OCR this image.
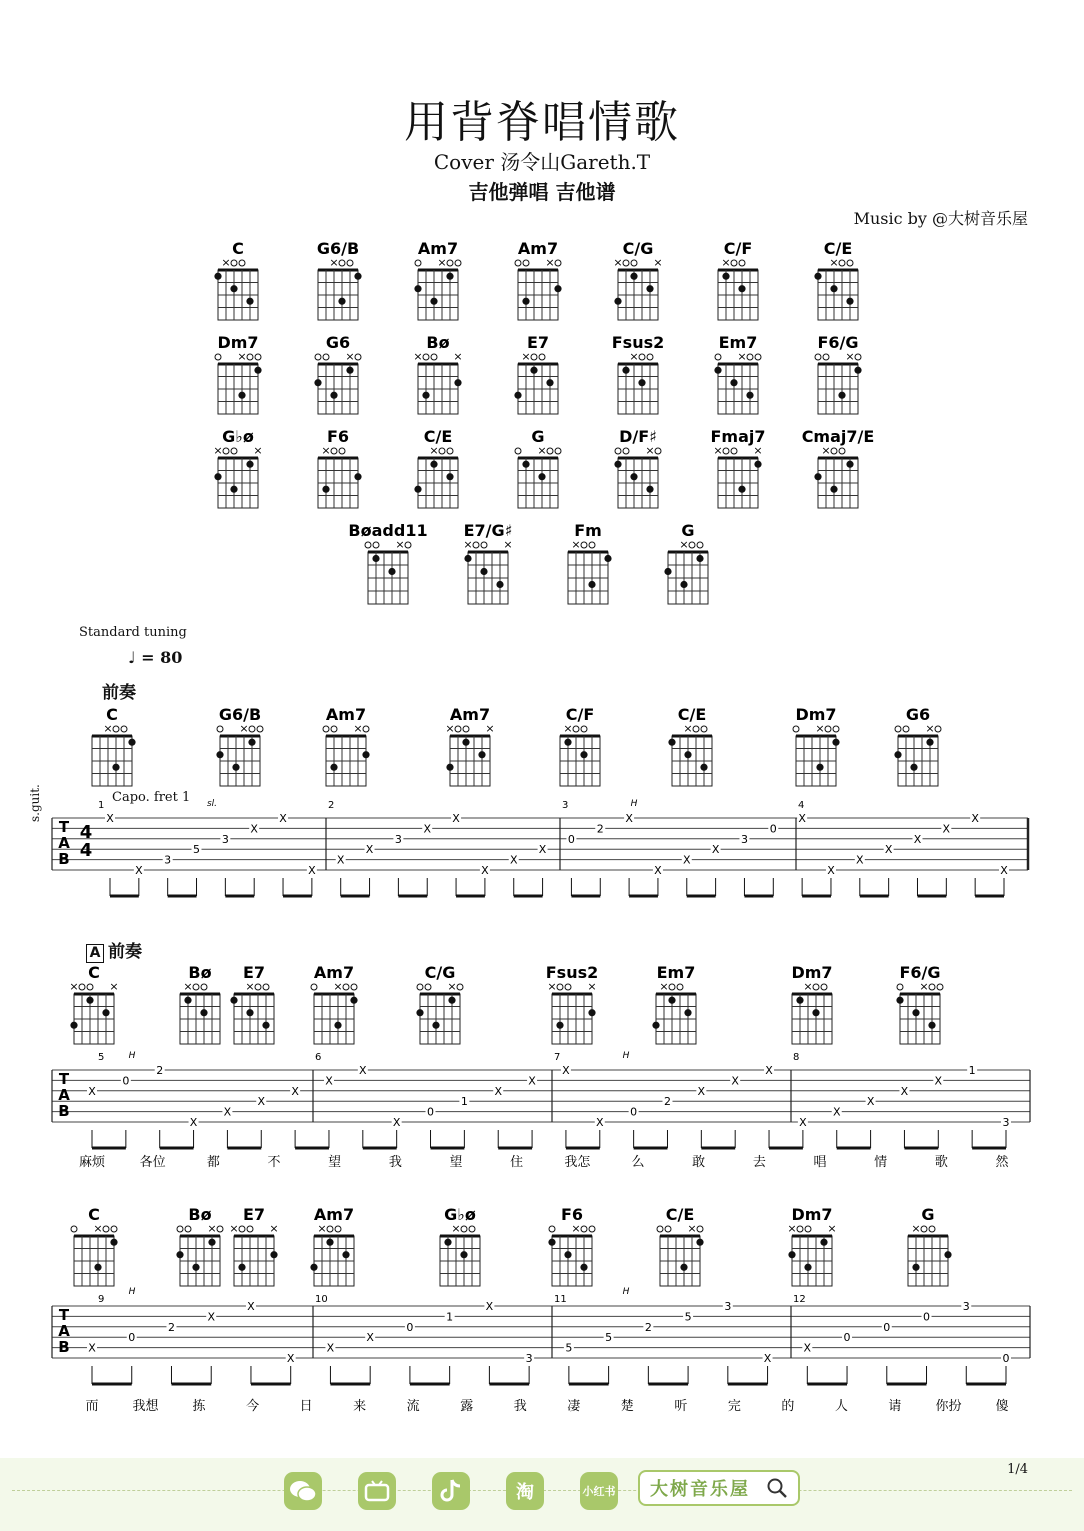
用背脊唱情歌
Cover 汤令山Gareth.T
吉他弹唱 吉他谱
Music by @大树音乐屋
C
×
G6/B
×
Am7
×
Am7
×
C/G
×	×
C/F
×
C/E
×
Dm7
×
G6
×
Bø
×	×
E7
×
Fsus2
×
Em7
×
F6/G
×
G♭ø
×	×
F6
×
C/E
×
G
×
D/F♯
×
Fmaj7
×	×
Cmaj7/E
×
Bøadd11
×
E7/G♯
×	×
Fm
×
G
×
Standard tuning
♩ = 80
前奏
A 前奏
Capo. fret 1
s.guit.
C
×
G6/B
×
Am7
×
Am7
×	×
C/F
×
C/E
×
Dm7
×
G6
×
T
A
B
4
4
1	2	3	4
X
X
3
5
3
X
X
X
X
X
3
X
X
X
X
X
0
2
X
X
X
X
3
0
X
X
X
X
X
X
X
X
sl.	H
C
×	×
Bø
×
E7
×
Am7
×
C/G
×
Fsus2
×	×
Em7
×
Dm7
×
F6/G
×
T
A
B
5	6	7	8
X
0
2
X
X
X
X
X
X
X
0
1
X
X
X
X
0
2
X
X
X
X
X
X
X
X
1
3
H	H
麻烦	各位	都	不	望	我	望	住	我怎	么	敢	去	唱	情	歌	然
C
×
Bø
×
E7
×	×
Am7
×
G♭ø
×
F6
×
C/E
×
Dm7
×	×
G
×
T
A
B
9	10	11	12
X
0
2
X
X
X
X
X
0
1
X
3
5
5
2
5
3
X
X
0
0
0
3
0
H	H
而	我想	拣	今	日	来	流	露	我	凄	楚	听	完	的	人	请	你扮	傻
1/4
淘	小红书 大树音乐屋
